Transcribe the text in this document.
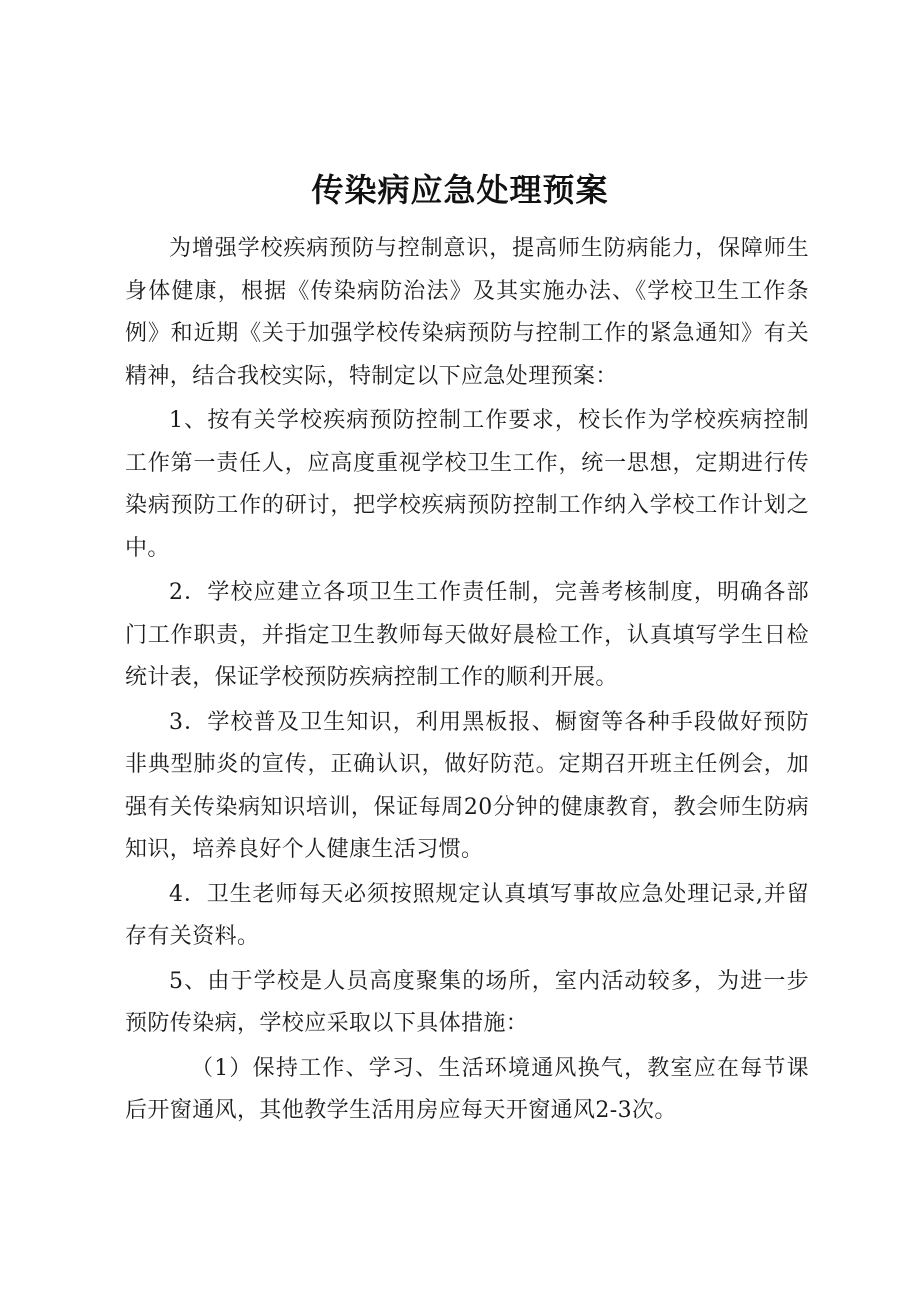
传染病应急处理预案

为增强学校疾病预防与控制意识，提高师生防病能力，保障师生身体健康，根据《传染病防治法》及其实施办法、《学校卫生工作条例》和近期《关于加强学校传染病预防与控制工作的紧急通知》有关精神，结合我校实际，特制定以下应急处理预案：

1、按有关学校疾病预防控制工作要求，校长作为学校疾病控制工作第一责任人，应高度重视学校卫生工作，统一思想，定期进行传染病预防工作的研讨，把学校疾病预防控制工作纳入学校工作计划之中。

2．学校应建立各项卫生工作责任制，完善考核制度，明确各部门工作职责，并指定卫生教师每天做好晨检工作，认真填写学生日检统计表，保证学校预防疾病控制工作的顺利开展。

3．学校普及卫生知识，利用黑板报、橱窗等各种手段做好预防非典型肺炎的宣传，正确认识，做好防范。定期召开班主任例会，加强有关传染病知识培训，保证每周20分钟的健康教育，教会师生防病知识，培养良好个人健康生活习惯。

4．卫生老师每天必须按照规定认真填写事故应急处理记录,并留存有关资料。

5、由于学校是人员高度聚集的场所，室内活动较多，为进一步预防传染病，学校应采取以下具体措施：

（1）保持工作、学习、生活环境通风换气，教室应在每节课后开窗通风，其他教学生活用房应每天开窗通风2-3次。
